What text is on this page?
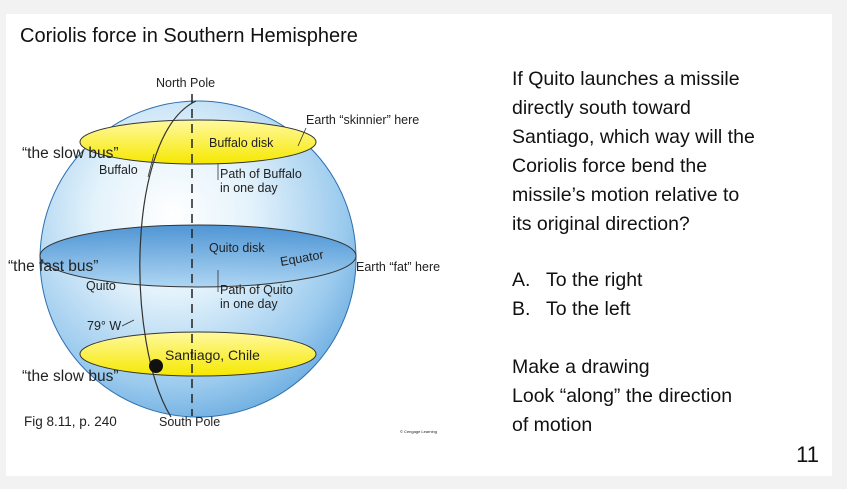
Coriolis force in Southern Hemisphere
North Pole
Earth “skinnier” here
Buffalo disk
Buffalo	Path of Buffalo
in one day
Quito disk Equator	Earth “fat” here
Quito	Path of Quito
in one day
79° W
Santiago, Chile
“the slow bus”
“the fast bus”
“the slow bus”
Fig 8.11, p. 240	South Pole
© Cengage Learning

If Quito launches a missile

directly south toward

Santiago, which way will the

Coriolis force bend the

missile’s motion relative to

its original direction?

A. To the right
B. To the left
Make a drawing
Look “along” the direction
of motion
11
